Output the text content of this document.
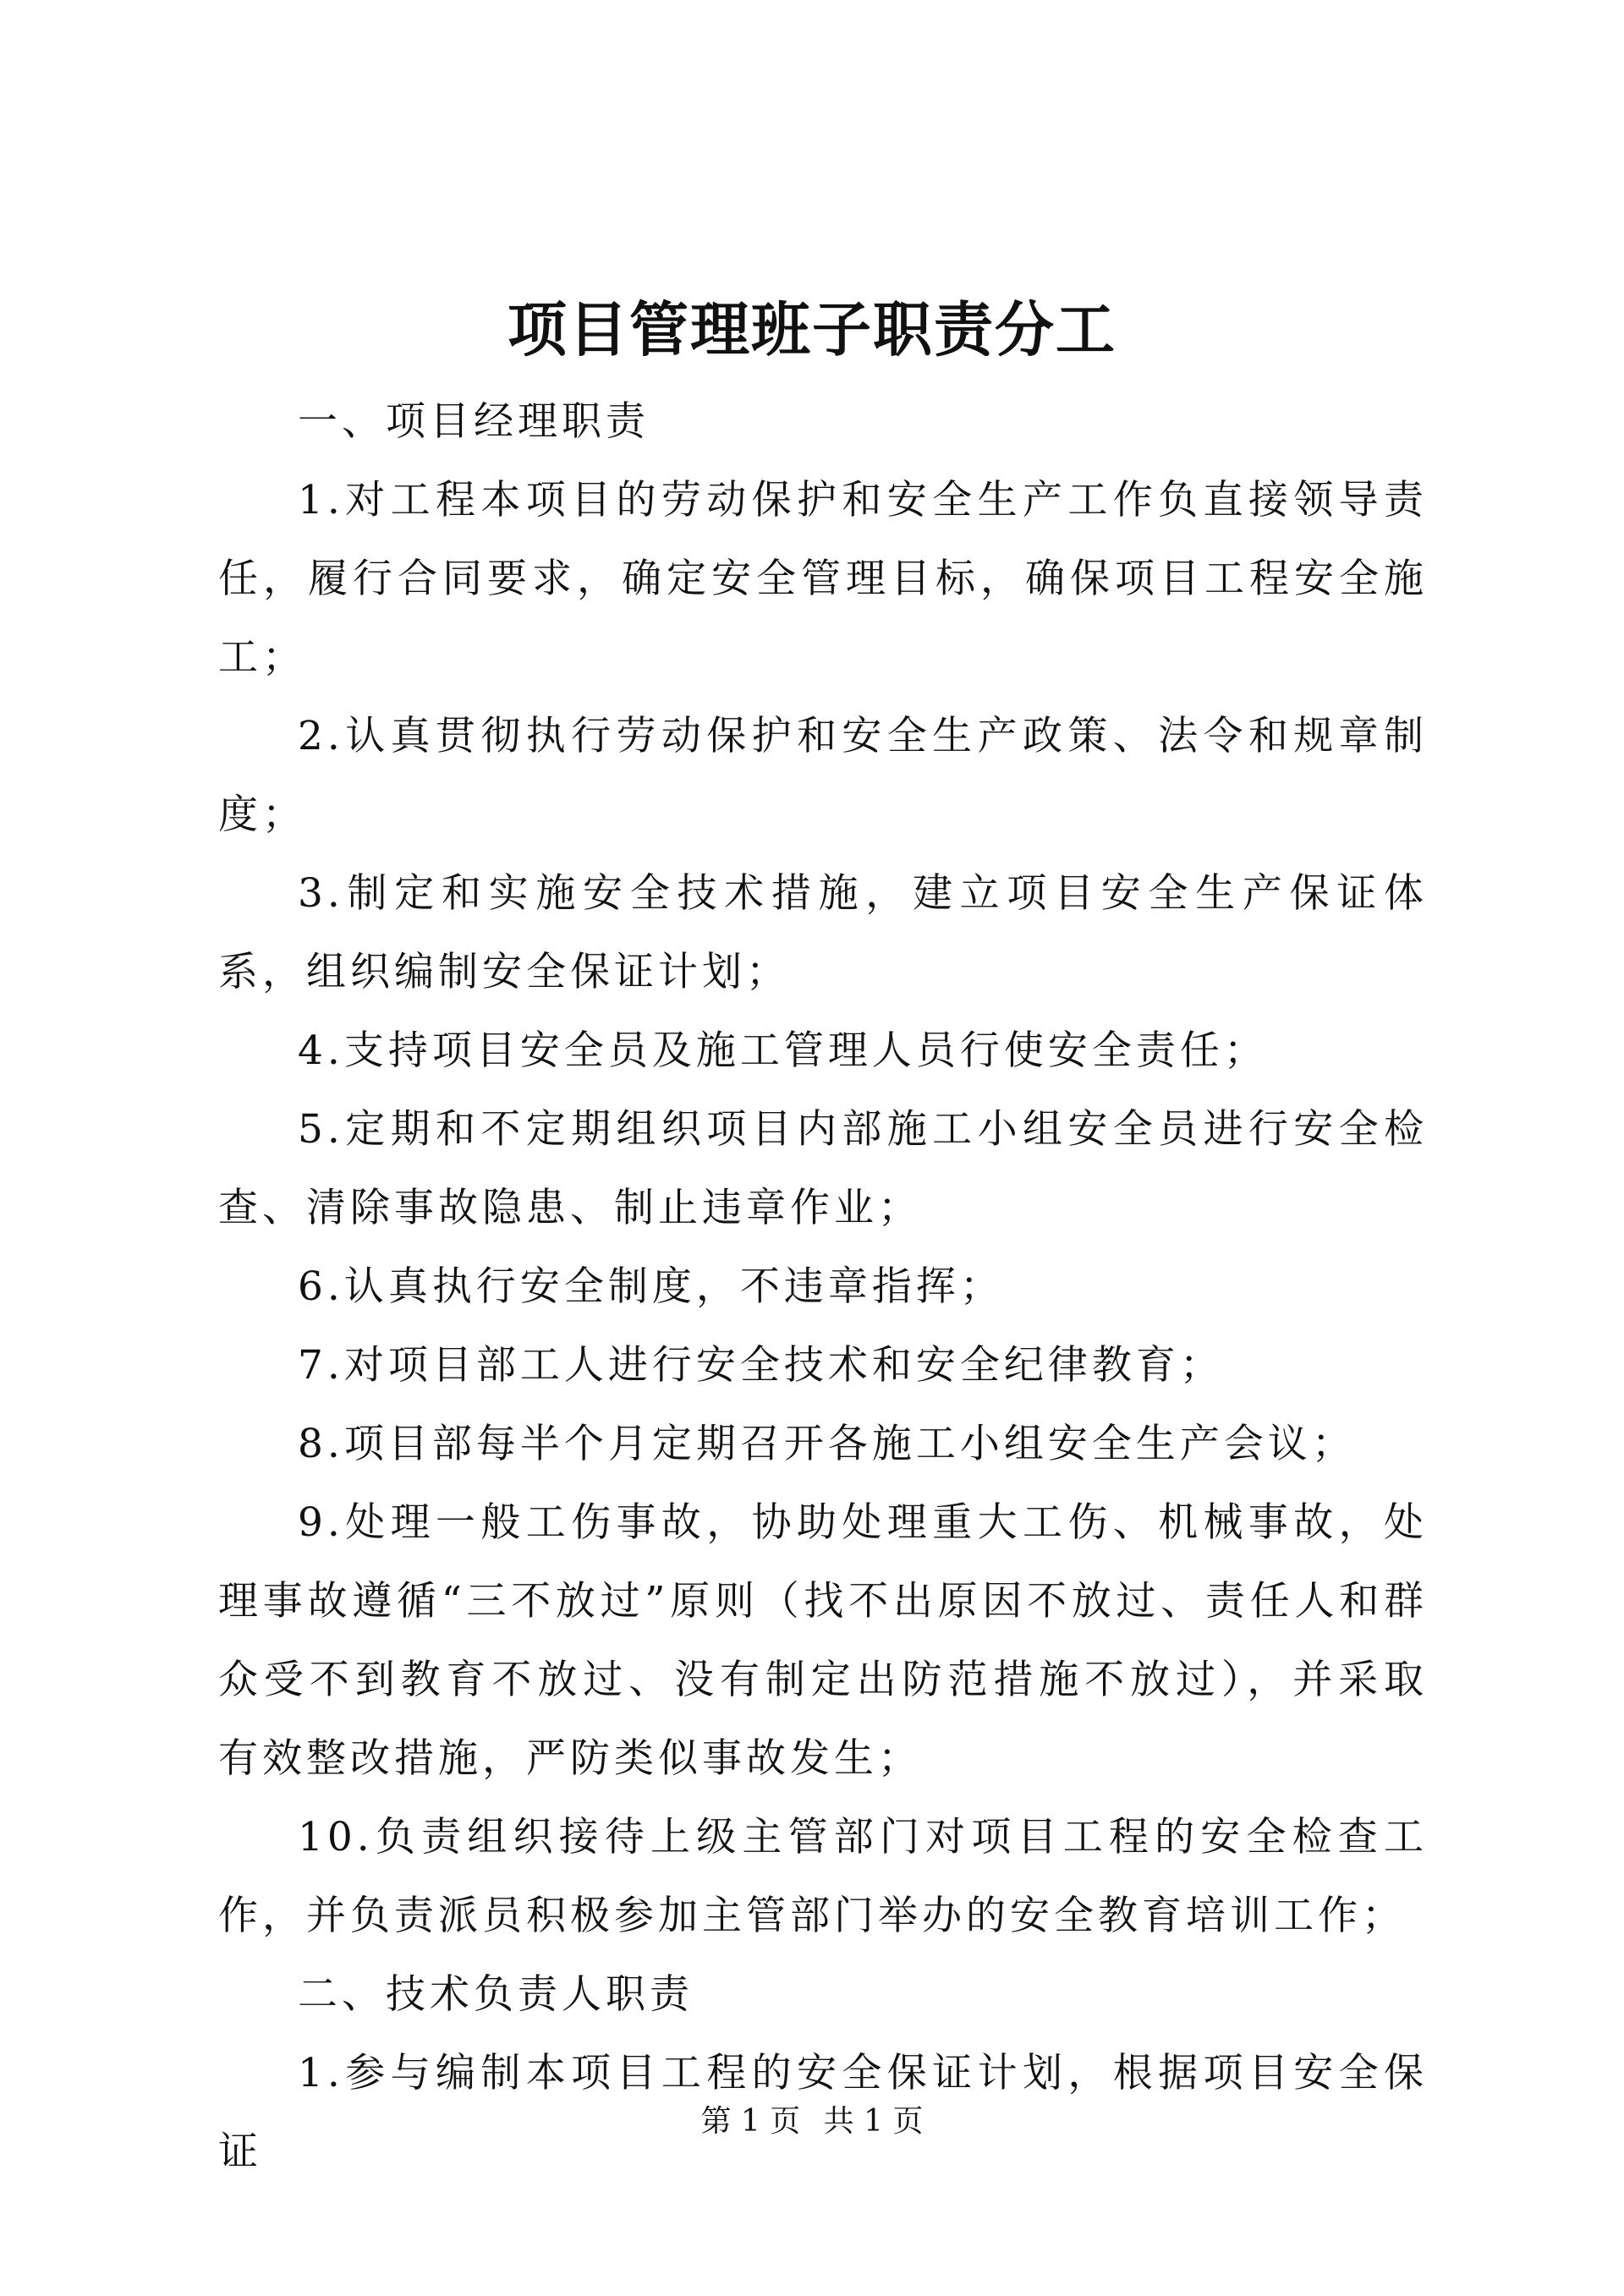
项目管理班子职责分工

一、项目经理职责

1.对工程本项目的劳动保护和安全生产工作负直接领导责任，履行合同要求，确定安全管理目标，确保项目工程安全施工；

2.认真贯彻执行劳动保护和安全生产政策、法令和规章制度；

3.制定和实施安全技术措施，建立项目安全生产保证体系，组织编制安全保证计划；

4.支持项目安全员及施工管理人员行使安全责任；

5.定期和不定期组织项目内部施工小组安全员进行安全检查、清除事故隐患、制止违章作业；

6.认真执行安全制度，不违章指挥；

7.对项目部工人进行安全技术和安全纪律教育；

8.项目部每半个月定期召开各施工小组安全生产会议；

9.处理一般工伤事故，协助处理重大工伤、机械事故，处理事故遵循“三不放过”原则（找不出原因不放过、责任人和群众受不到教育不放过、没有制定出防范措施不放过），并采取有效整改措施，严防类似事故发生；

10.负责组织接待上级主管部门对项目工程的安全检查工作，并负责派员积极参加主管部门举办的安全教育培训工作；

二、技术负责人职责

1.参与编制本项目工程的安全保证计划，根据项目安全保证

第 1 页 共 1 页
